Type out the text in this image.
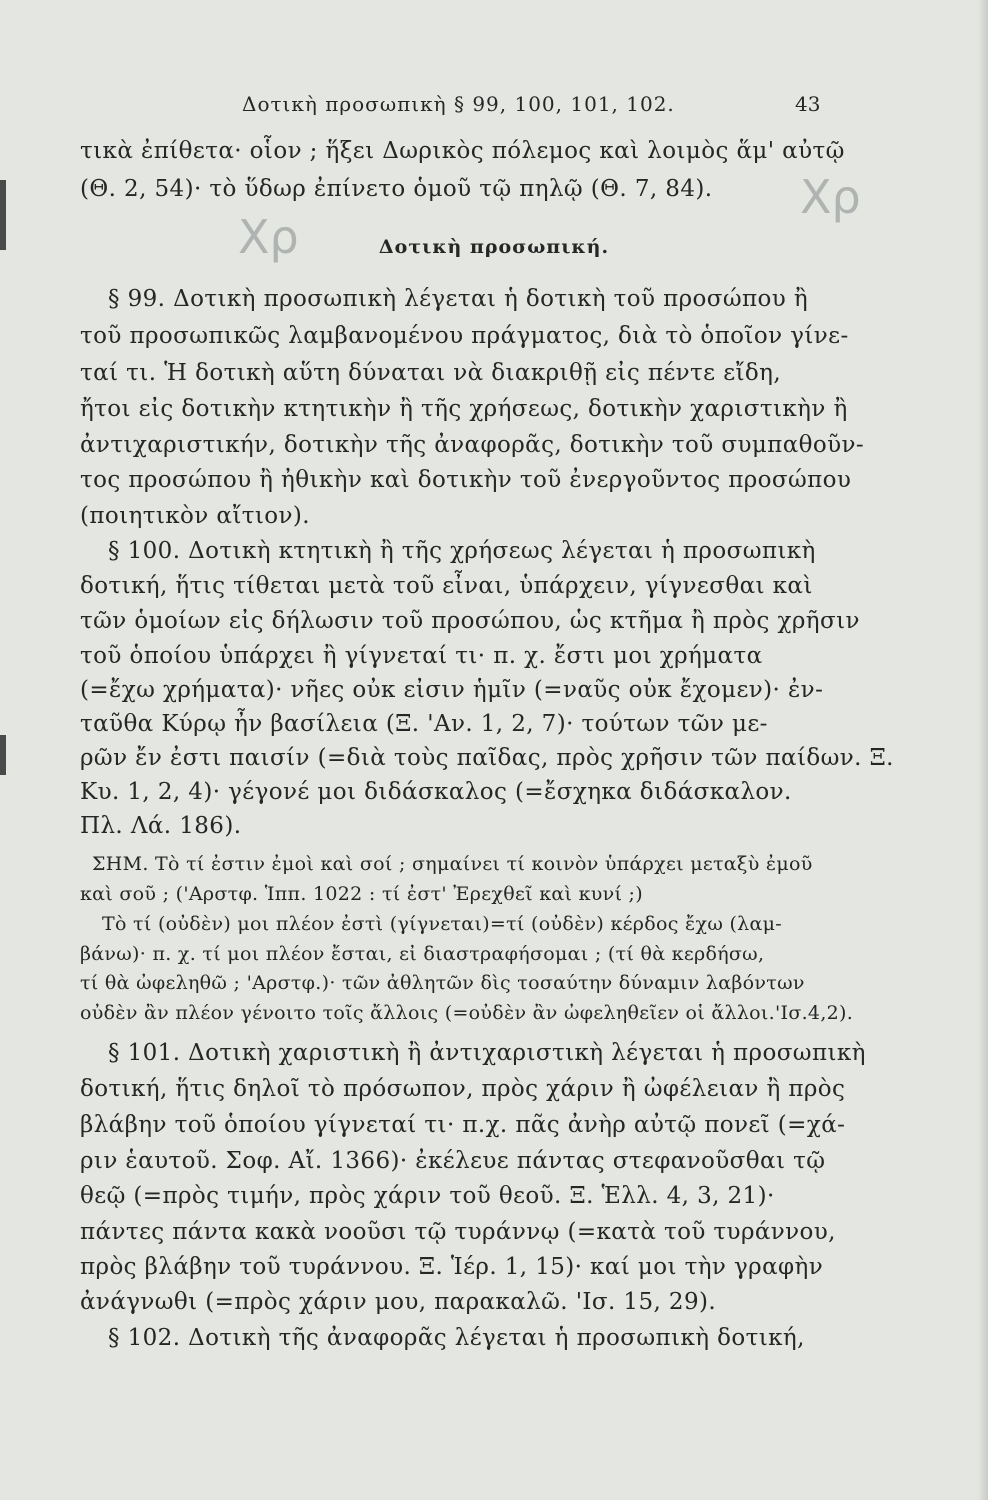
Δοτικὴ προσωπικὴ § 99, 100, 101, 102.	43
Χρ
Χρ
τικὰ ἐπίθετα· οἷον ; ἥξει Δωρικὸς πόλεμος καὶ λοιμὸς ἅμ' αὐτῷ
(Θ. 2, 54)· τὸ ὕδωρ ἐπίνετο ὁμοῦ τῷ πηλῷ (Θ. 7, 84).
Δοτικὴ προσωπική.
§ 99. Δοτικὴ προσωπικὴ λέγεται ἡ δοτικὴ τοῦ προσώπου ἢ
τοῦ προσωπικῶς λαμβανομένου πράγματος, διὰ τὸ ὁποῖον γίνε-
ταί τι. Ἡ δοτικὴ αὕτη δύναται νὰ διακριθῇ εἰς πέντε εἴδη,
ἤτοι εἰς δοτικὴν κτητικὴν ἢ τῆς χρήσεως, δοτικὴν χαριστικὴν ἢ
ἀντιχαριστικήν, δοτικὴν τῆς ἀναφορᾶς, δοτικὴν τοῦ συμπαθοῦν-
τος προσώπου ἢ ἠθικὴν καὶ δοτικὴν τοῦ ἐνεργοῦντος προσώπου
(ποιητικὸν αἴτιον).
§ 100. Δοτικὴ κτητικὴ ἢ τῆς χρήσεως λέγεται ἡ προσωπικὴ
δοτική, ἥτις τίθεται μετὰ τοῦ εἶναι, ὑπάρχειν, γίγνεσθαι καὶ
τῶν ὁμοίων εἰς δήλωσιν τοῦ προσώπου, ὡς κτῆμα ἢ πρὸς χρῆσιν
τοῦ ὁποίου ὑπάρχει ἢ γίγνεταί τι· π. χ. ἔστι μοι χρήματα
(=ἔχω χρήματα)· νῆες οὐκ εἰσιν ἡμῖν (=ναῦς οὐκ ἔχομεν)· ἐν-
ταῦθα Κύρῳ ἦν βασίλεια (Ξ. 'Αν. 1, 2, 7)· τούτων τῶν με-
ρῶν ἔν ἐστι παισίν (=διὰ τοὺς παῖδας, πρὸς χρῆσιν τῶν παίδων. Ξ.
Κυ. 1, 2, 4)· γέγονέ μοι διδάσκαλος (=ἔσχηκα διδάσκαλον.
Πλ. Λά. 186).
ΣΗΜ. Τὸ τί ἐστιν ἐμοὶ καὶ σοί ; σημαίνει τί κοινὸν ὑπάρχει μεταξὺ ἐμοῦ
καὶ σοῦ ; ('Αρστφ. Ἱππ. 1022 : τί ἐστ' Ἐρεχθεῖ καὶ κυνί ;)
Τὸ τί (οὐδὲν) μοι πλέον ἐστὶ (γίγνεται)=τί (οὐδὲν) κέρδος ἔχω (λαμ-
βάνω)· π. χ. τί μοι πλέον ἔσται, εἰ διαστραφήσομαι ; (τί θὰ κερδήσω,
τί θὰ ὠφεληθῶ ; 'Αρστφ.)· τῶν ἀθλητῶν δὶς τοσαύτην δύναμιν λαβόντων
οὐδὲν ἂν πλέον γένοιτο τοῖς ἄλλοις (=οὐδὲν ἂν ὠφεληθεῖεν οἱ ἄλλοι.'Ισ.4,2).
§ 101. Δοτικὴ χαριστικὴ ἢ ἀντιχαριστικὴ λέγεται ἡ προσωπικὴ
δοτική, ἥτις δηλοῖ τὸ πρόσωπον, πρὸς χάριν ἢ ὠφέλειαν ἢ πρὸς
βλάβην τοῦ ὁποίου γίγνεταί τι· π.χ. πᾶς ἀνὴρ αὐτῷ πονεῖ (=χά-
ριν ἑαυτοῦ. Σοφ. Αἴ. 1366)· ἐκέλευε πάντας στεφανοῦσθαι τῷ
θεῷ (=πρὸς τιμήν, πρὸς χάριν τοῦ θεοῦ. Ξ. Ἑλλ. 4, 3, 21)·
πάντες πάντα κακὰ νοοῦσι τῷ τυράννῳ (=κατὰ τοῦ τυράννου,
πρὸς βλάβην τοῦ τυράννου. Ξ. Ἱέρ. 1, 15)· καί μοι τὴν γραφὴν
ἀνάγνωθι (=πρὸς χάριν μου, παρακαλῶ. 'Ισ. 15, 29).
§ 102. Δοτικὴ τῆς ἀναφορᾶς λέγεται ἡ προσωπικὴ δοτική,
